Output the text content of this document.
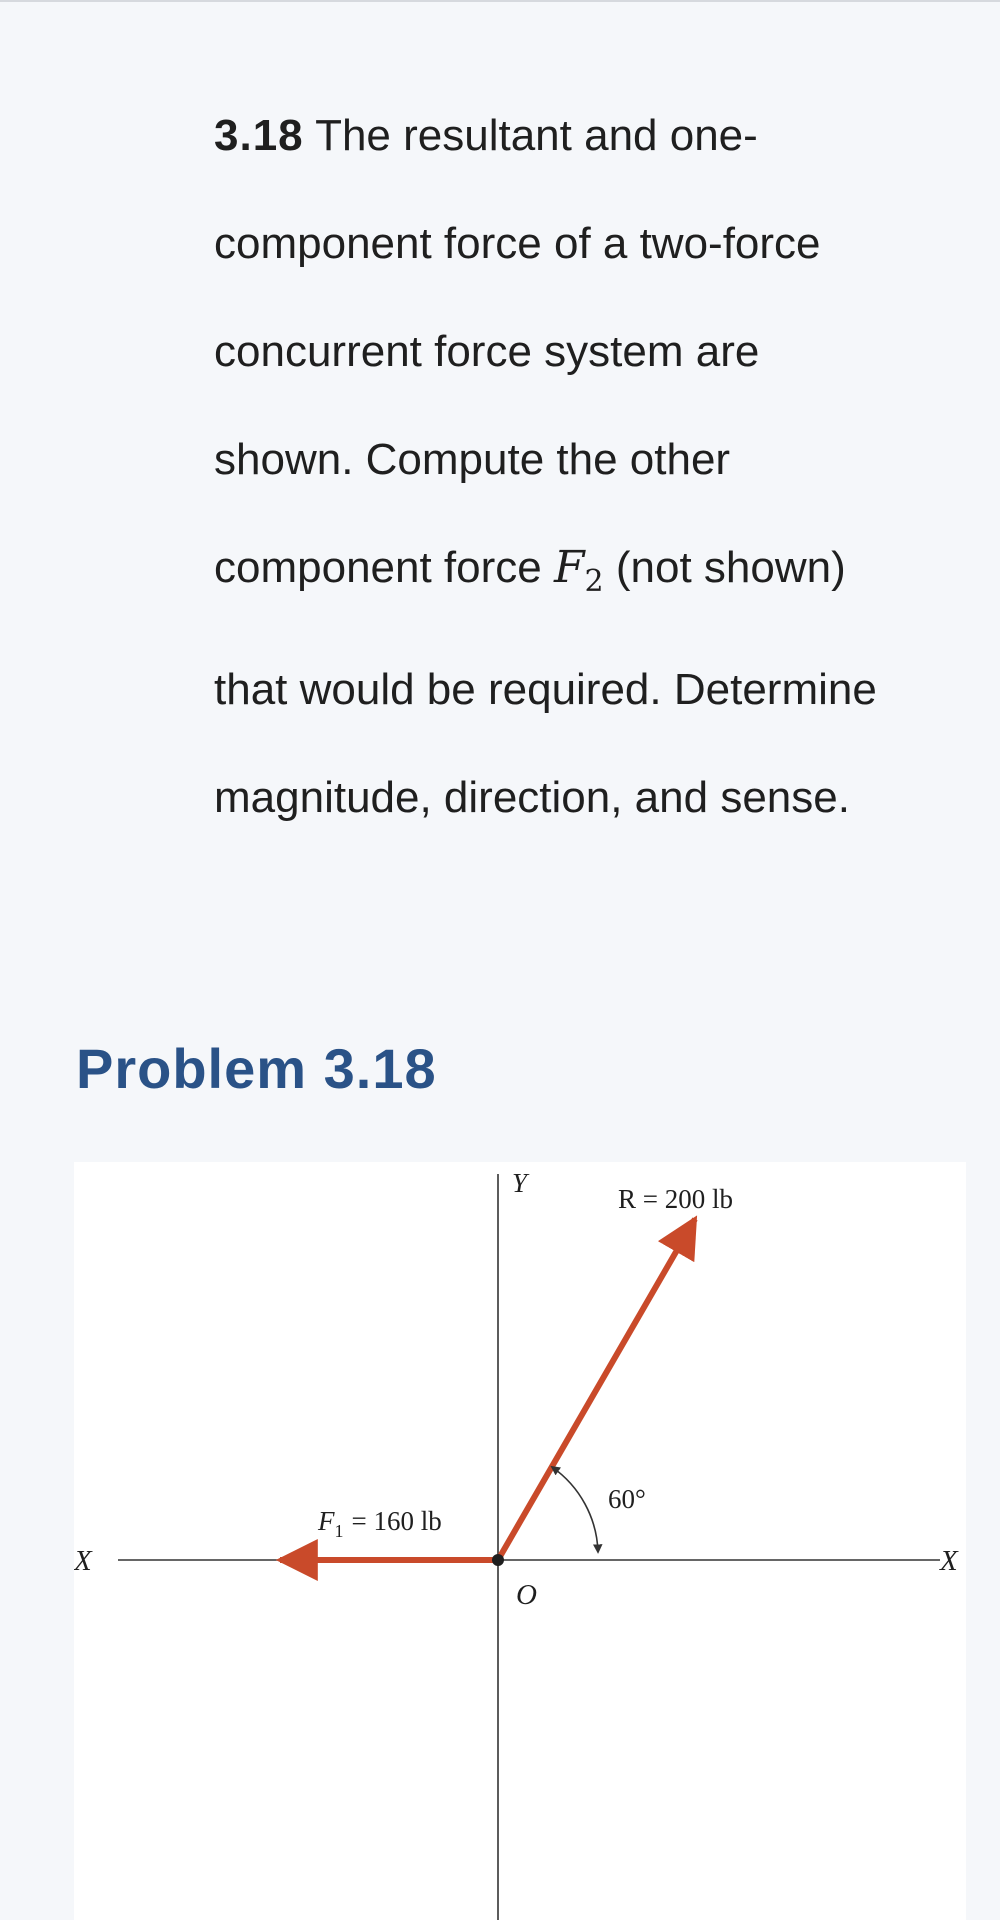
3.18 The resultant and one-
component force of a two-force
concurrent force system are
shown. Compute the other
component force $F_2$ (not shown)
that would be required. Determine
magnitude, direction, and sense.
Problem 3.18
X	X
Y
O
R = 200 lb
60°
$F_1 = 160$ lb
